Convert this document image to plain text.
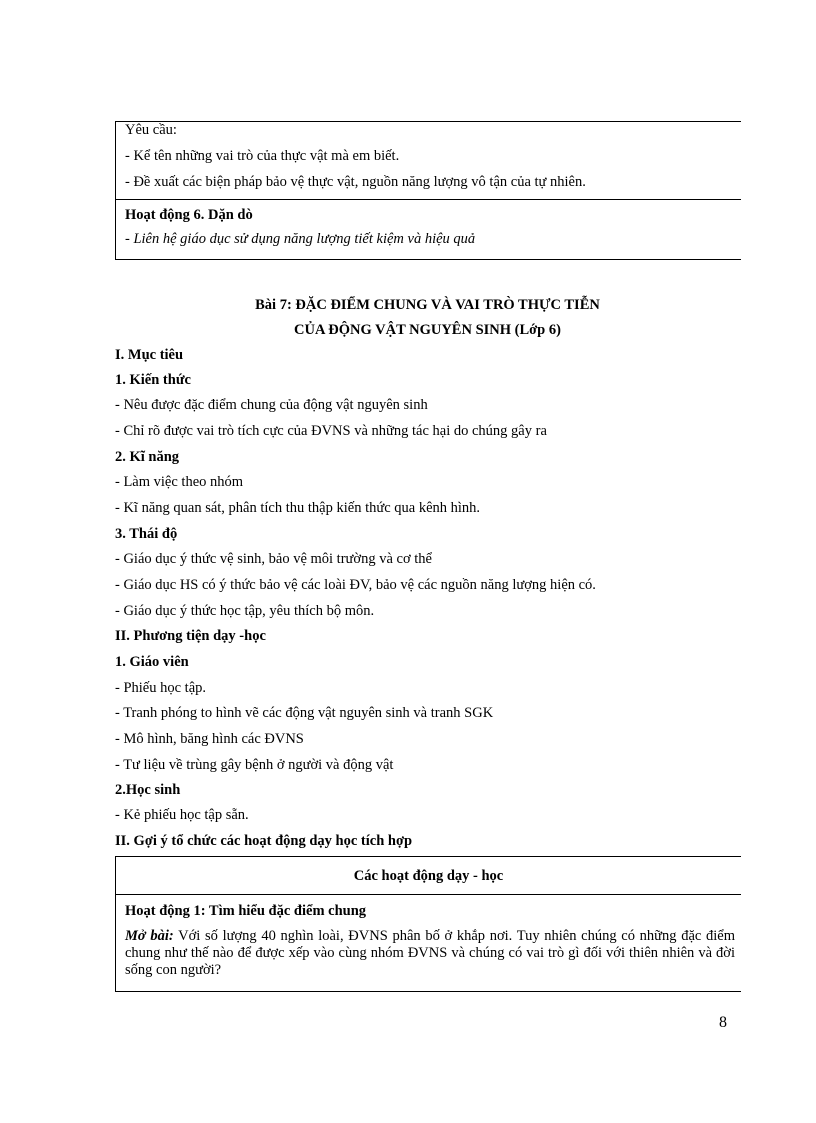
Yêu cầu:
- Kể tên những vai trò của thực vật mà em biết.
- Đề xuất các biện pháp bảo vệ thực vật, nguồn năng lượng vô tận của tự nhiên.
Hoạt động 6. Dặn dò
- Liên hệ giáo dục sử dụng năng lượng tiết kiệm và hiệu quả
Bài 7: ĐẶC ĐIỂM CHUNG VÀ VAI TRÒ THỰC TIỄN
CỦA ĐỘNG VẬT NGUYÊN SINH (Lớp 6)
I. Mục tiêu
1. Kiến thức
- Nêu được đặc điểm chung của động vật nguyên sinh
- Chỉ rõ được vai trò tích cực của ĐVNS và những tác hại do chúng gây ra
2. Kĩ năng
- Làm việc theo nhóm
- Kĩ năng quan sát, phân tích thu thập kiến thức qua kênh hình.
3. Thái độ
- Giáo dục ý thức vệ sinh, bảo vệ môi trường và cơ thể
- Giáo dục HS có ý thức bảo vệ các loài ĐV, bảo vệ các nguồn năng lượng hiện có.
- Giáo dục ý thức học tập, yêu thích bộ môn.
II. Phương tiện dạy -học
1. Giáo viên
- Phiếu học tập.
- Tranh phóng to hình vẽ các động vật nguyên sinh và tranh SGK
- Mô hình, băng hình các ĐVNS
- Tư liệu về trùng gây bệnh ở người và động vật
2.Học sinh
- Kẻ phiếu học tập sẵn.
II. Gợi ý tổ chức các hoạt động dạy học tích hợp
Các hoạt động dạy - học
Hoạt động 1: Tìm hiểu đặc điểm chung
Mở bài: Với số lượng 40 nghìn loài, ĐVNS phân bố ở khắp nơi. Tuy nhiên chúng có những đặc điểm chung như thế nào để được xếp vào cùng nhóm ĐVNS và chúng có vai trò gì đối với thiên nhiên và đời sống con người?
8
